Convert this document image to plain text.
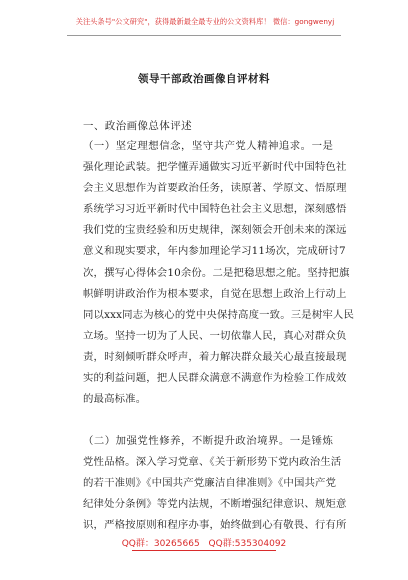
关注头条号"公文研究"，获得最新最全最专业的公文资料库！ 微信：gongwenyj
领导干部政治画像自评材料
一、政治画像总体评述
（一）坚定理想信念，坚守共产党人精神追求。一是
强化理论武装。把学懂弄通做实习近平新时代中国特色社
会主义思想作为首要政治任务，读原著、学原文、悟原理
系统学习习近平新时代中国特色社会主义思想，深刻感悟
我们党的宝贵经验和历史规律，深刻领会开创未来的深远
意义和现实要求，年内参加理论学习11场次，完成研讨7
次，撰写心得体会10余份。二是把稳思想之舵。坚持把旗
帜鲜明讲政治作为根本要求，自觉在思想上政治上行动上
同以xxx同志为核心的党中央保持高度一致。三是树牢人民
立场。坚持一切为了人民、一切依靠人民，真心对群众负
责，时刻倾听群众呼声，着力解决群众最关心最直接最现
实的利益问题，把人民群众满意不满意作为检验工作成效
的最高标准。
（二）加强党性修养，不断提升政治境界。一是锤炼
党性品格。深入学习党章、《关于新形势下党内政治生活
的若干准则》《中国共产党廉洁自律准则》《中国共产党
纪律处分条例》等党内法规，不断增强纪律意识、规矩意
识，严格按原则和程序办事，始终做到心有敬畏、行有所
QQ群：30265665 QQ群:535304092
